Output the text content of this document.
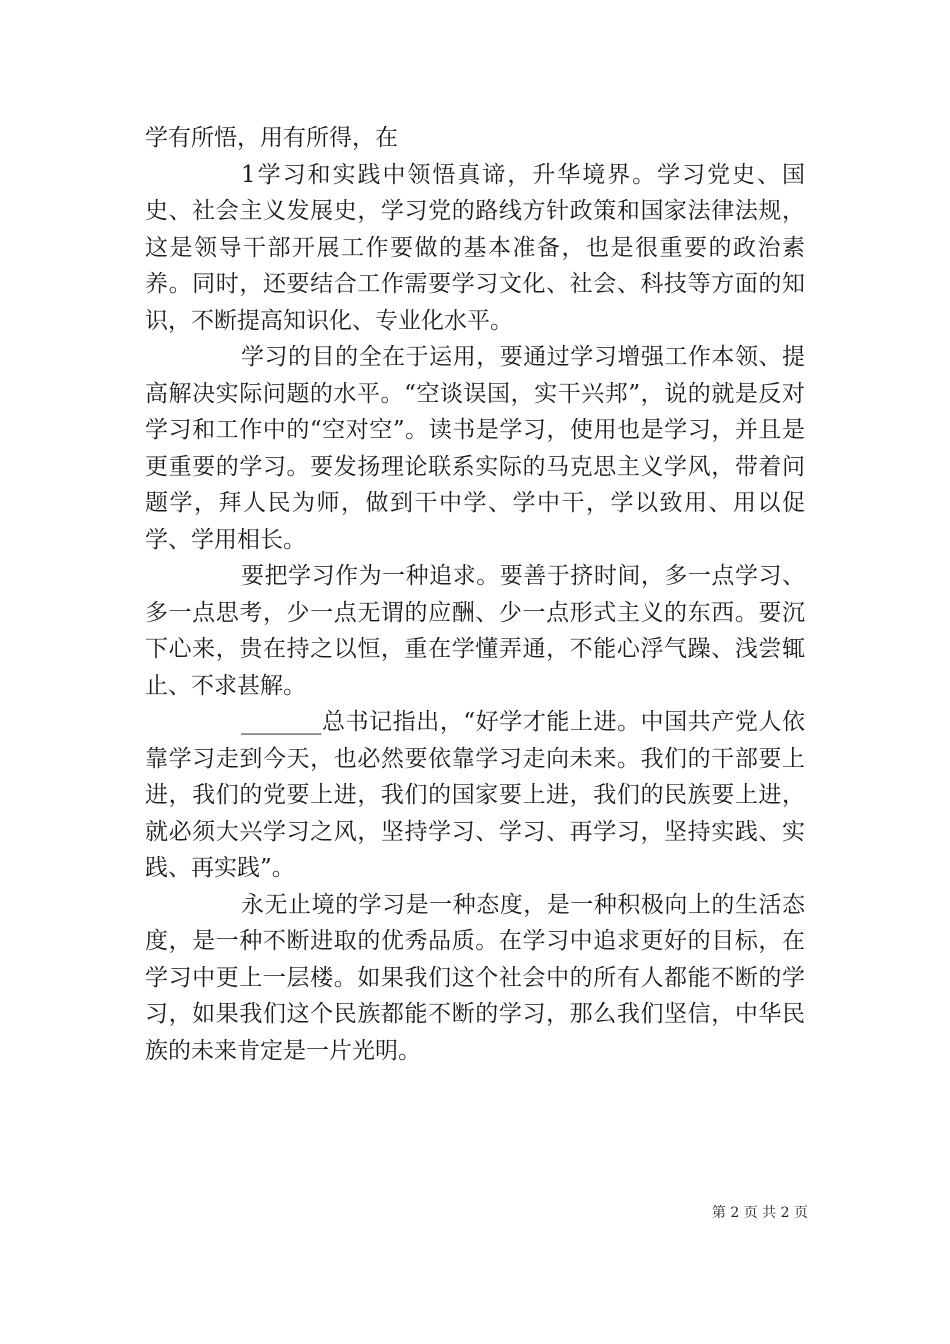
学有所悟，用有所得，在

1学习和实践中领悟真谛，升华境界。学习党史、国史、社会主义发展史，学习党的路线方针政策和国家法律法规，这是领导干部开展工作要做的基本准备，也是很重要的政治素养。同时，还要结合工作需要学习文化、社会、科技等方面的知识，不断提高知识化、专业化水平。

学习的目的全在于运用，要通过学习增强工作本领、提高解决实际问题的水平。“空谈误国，实干兴邦”，说的就是反对学习和工作中的“空对空”。读书是学习，使用也是学习，并且是更重要的学习。要发扬理论联系实际的马克思主义学风，带着问题学，拜人民为师，做到干中学、学中干，学以致用、用以促学、学用相长。

要把学习作为一种追求。要善于挤时间，多一点学习、多一点思考，少一点无谓的应酬、少一点形式主义的东西。要沉下心来，贵在持之以恒，重在学懂弄通，不能心浮气躁、浅尝辄止、不求甚解。

_______总书记指出，“好学才能上进。中国共产党人依靠学习走到今天，也必然要依靠学习走向未来。我们的干部要上进，我们的党要上进，我们的国家要上进，我们的民族要上进，就必须大兴学习之风，坚持学习、学习、再学习，坚持实践、实践、再实践”。

永无止境的学习是一种态度，是一种积极向上的生活态度，是一种不断进取的优秀品质。在学习中追求更好的目标，在学习中更上一层楼。如果我们这个社会中的所有人都能不断的学习，如果我们这个民族都能不断的学习，那么我们坚信，中华民族的未来肯定是一片光明。

第 2 页 共 2 页
